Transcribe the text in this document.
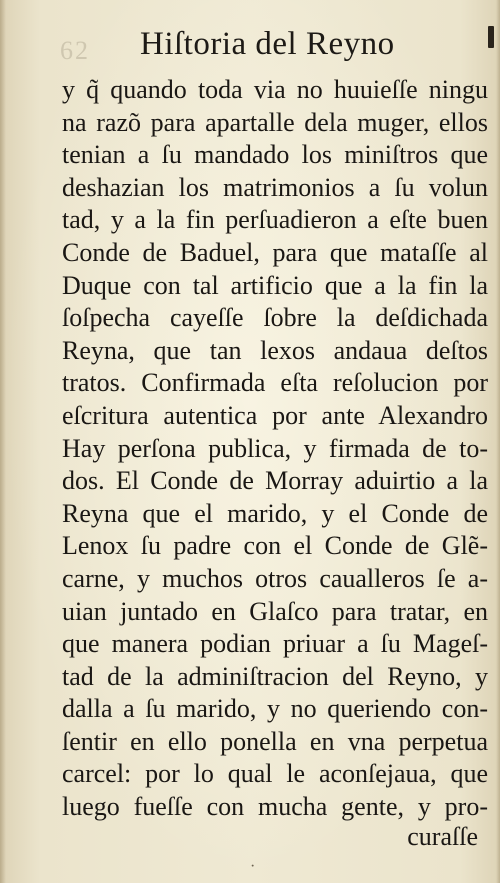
62 Hiſtoria del Reyno
y q̃ quando toda via no huuieſſe ningu
na razõ para apartalle dela muger, ellos
tenian a ſu mandado los miniſtros que
deshazian los matrimonios a ſu volun
tad, y a la fin perſuadieron a eſte buen
Conde de Baduel, para que mataſſe al
Duque con tal artificio que a la fin la
ſoſpecha cayeſſe ſobre la deſdichada
Reyna, que tan lexos andaua deſtos
tratos. Confirmada eſta reſolucion por
eſcritura autentica por ante Alexandro
Hay perſona publica, y firmada de to-
dos. El Conde de Morray aduirtio a la
Reyna que el marido, y el Conde de
Lenox ſu padre con el Conde de Glẽ-
carne, y muchos otros caualleros ſe a-
uian juntado en Glaſco para tratar, en
que manera podian priuar a ſu Mageſ-
tad de la adminiſtracion del Reyno, y
dalla a ſu marido, y no queriendo con-
ſentir en ello ponella en vna perpetua
carcel: por lo qual le aconſejaua, que
luego fueſſe con mucha gente, y pro-
curaſſe
·
